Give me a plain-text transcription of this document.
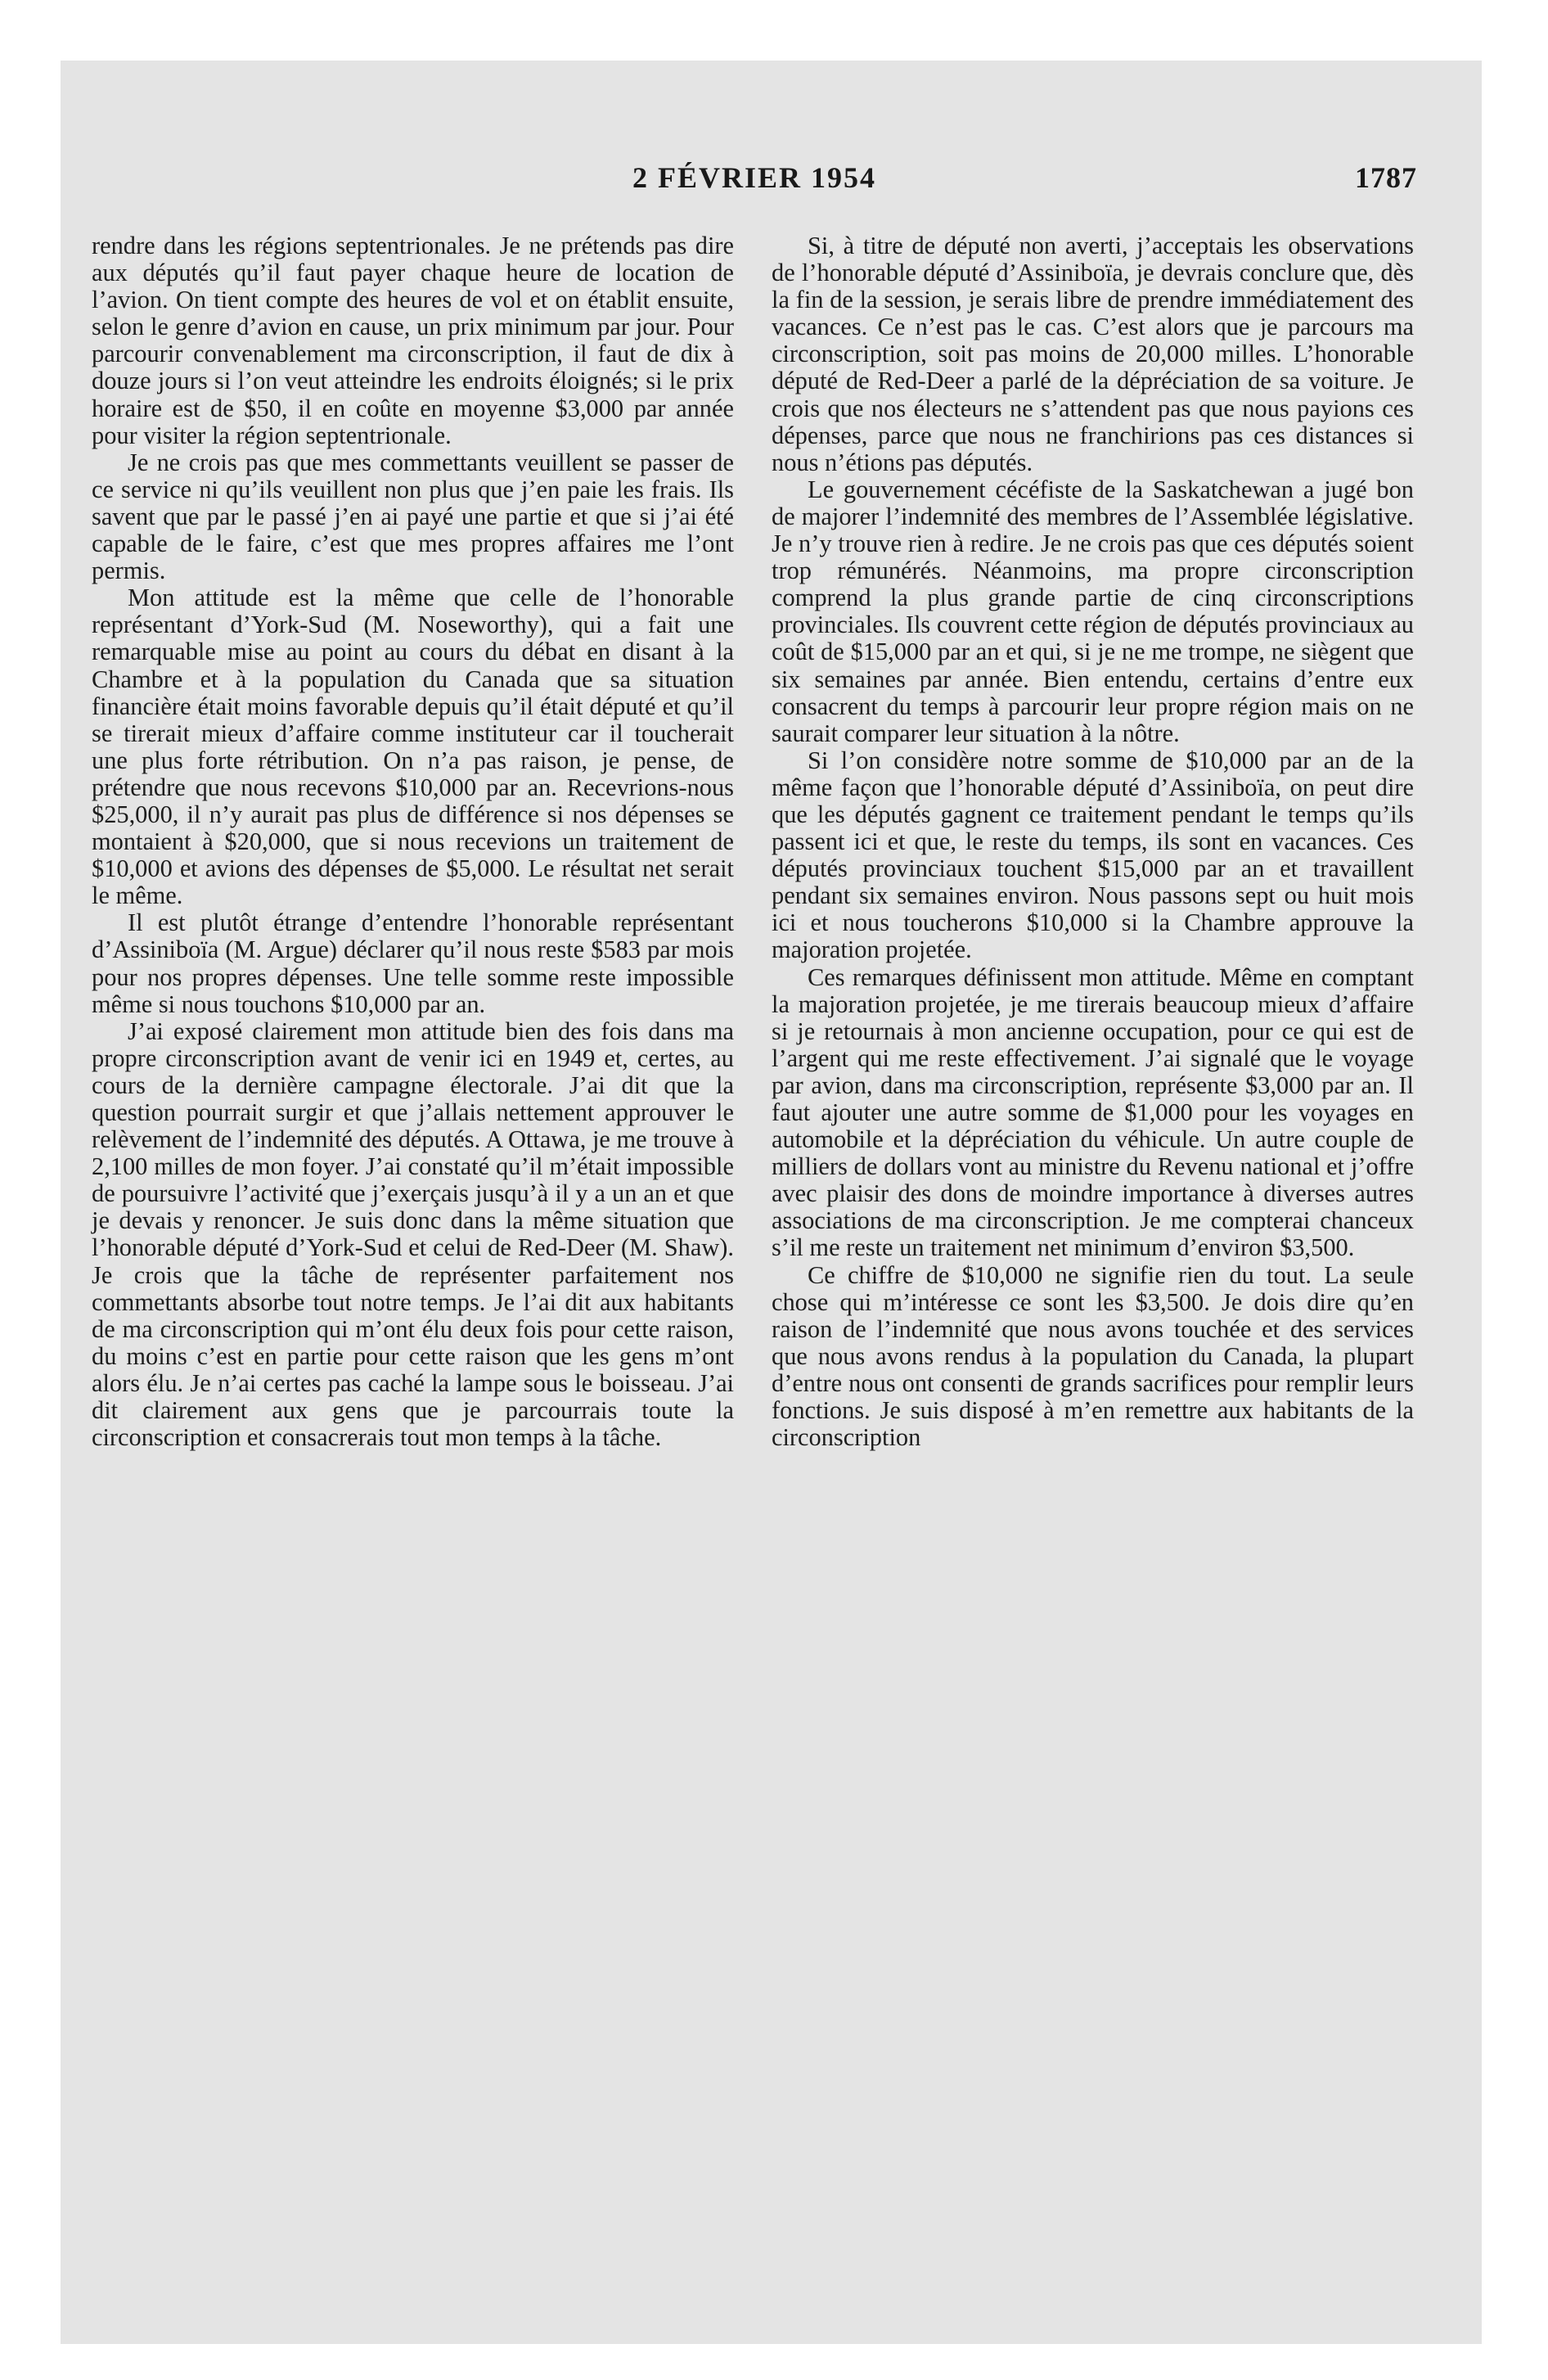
2 FÉVRIER 1954	1787

rendre dans les régions septentrionales. Je ne prétends pas dire aux députés qu’il faut payer chaque heure de location de l’avion. On tient compte des heures de vol et on établit ensuite, selon le genre d’avion en cause, un prix minimum par jour. Pour parcourir convenablement ma circonscription, il faut de dix à douze jours si l’on veut atteindre les endroits éloignés; si le prix horaire est de $50, il en coûte en moyenne $3,000 par année pour visiter la région septentrionale.

Je ne crois pas que mes commettants veuillent se passer de ce service ni qu’ils veuillent non plus que j’en paie les frais. Ils savent que par le passé j’en ai payé une partie et que si j’ai été capable de le faire, c’est que mes propres affaires me l’ont permis.

Mon attitude est la même que celle de l’honorable représentant d’York-Sud (M. Noseworthy), qui a fait une remarquable mise au point au cours du débat en disant à la Chambre et à la population du Canada que sa situation financière était moins favorable depuis qu’il était député et qu’il se tirerait mieux d’affaire comme instituteur car il toucherait une plus forte rétribution. On n’a pas raison, je pense, de prétendre que nous recevons $10,000 par an. Recevrions-nous $25,000, il n’y aurait pas plus de différence si nos dépenses se montaient à $20,000, que si nous recevions un traitement de $10,000 et avions des dépenses de $5,000. Le résultat net serait le même.

Il est plutôt étrange d’entendre l’honorable représentant d’Assiniboïa (M. Argue) déclarer qu’il nous reste $583 par mois pour nos propres dépenses. Une telle somme reste impossible même si nous touchons $10,000 par an.

J’ai exposé clairement mon attitude bien des fois dans ma propre circonscription avant de venir ici en 1949 et, certes, au cours de la dernière campagne électorale. J’ai dit que la question pourrait surgir et que j’allais nettement approuver le relèvement de l’indemnité des députés. A Ottawa, je me trouve à 2,100 milles de mon foyer. J’ai constaté qu’il m’était impossible de poursuivre l’activité que j’exerçais jusqu’à il y a un an et que je devais y renoncer. Je suis donc dans la même situation que l’honorable député d’York-Sud et celui de Red-Deer (M. Shaw). Je crois que la tâche de représenter parfaitement nos commettants absorbe tout notre temps. Je l’ai dit aux habitants de ma circonscription qui m’ont élu deux fois pour cette raison, du moins c’est en partie pour cette raison que les gens m’ont alors élu. Je n’ai certes pas caché la lampe sous le boisseau. J’ai dit clairement aux gens que je parcourrais toute la circonscription et consacrerais tout mon temps à la tâche.

Si, à titre de député non averti, j’acceptais les observations de l’honorable député d’Assiniboïa, je devrais conclure que, dès la fin de la session, je serais libre de prendre immédiatement des vacances. Ce n’est pas le cas. C’est alors que je parcours ma circonscription, soit pas moins de 20,000 milles. L’honorable député de Red-Deer a parlé de la dépréciation de sa voiture. Je crois que nos électeurs ne s’attendent pas que nous payions ces dépenses, parce que nous ne franchirions pas ces distances si nous n’étions pas députés.

Le gouvernement cécéfiste de la Saskatchewan a jugé bon de majorer l’indemnité des membres de l’Assemblée législative. Je n’y trouve rien à redire. Je ne crois pas que ces députés soient trop rémunérés. Néanmoins, ma propre circonscription comprend la plus grande partie de cinq circonscriptions provinciales. Ils couvrent cette région de députés provinciaux au coût de $15,000 par an et qui, si je ne me trompe, ne siègent que six semaines par année. Bien entendu, certains d’entre eux consacrent du temps à parcourir leur propre région mais on ne saurait comparer leur situation à la nôtre.

Si l’on considère notre somme de $10,000 par an de la même façon que l’honorable député d’Assiniboïa, on peut dire que les députés gagnent ce traitement pendant le temps qu’ils passent ici et que, le reste du temps, ils sont en vacances. Ces députés provinciaux touchent $15,000 par an et travaillent pendant six semaines environ. Nous passons sept ou huit mois ici et nous toucherons $10,000 si la Chambre approuve la majoration projetée.

Ces remarques définissent mon attitude. Même en comptant la majoration projetée, je me tirerais beaucoup mieux d’affaire si je retournais à mon ancienne occupation, pour ce qui est de l’argent qui me reste effectivement. J’ai signalé que le voyage par avion, dans ma circonscription, représente $3,000 par an. Il faut ajouter une autre somme de $1,000 pour les voyages en automobile et la dépréciation du véhicule. Un autre couple de milliers de dollars vont au ministre du Revenu national et j’offre avec plaisir des dons de moindre importance à diverses autres associations de ma circonscription. Je me compterai chanceux s’il me reste un traitement net minimum d’environ $3,500.

Ce chiffre de $10,000 ne signifie rien du tout. La seule chose qui m’intéresse ce sont les $3,500. Je dois dire qu’en raison de l’indemnité que nous avons touchée et des services que nous avons rendus à la population du Canada, la plupart d’entre nous ont consenti de grands sacrifices pour remplir leurs fonctions. Je suis disposé à m’en remettre aux habitants de la circonscription
